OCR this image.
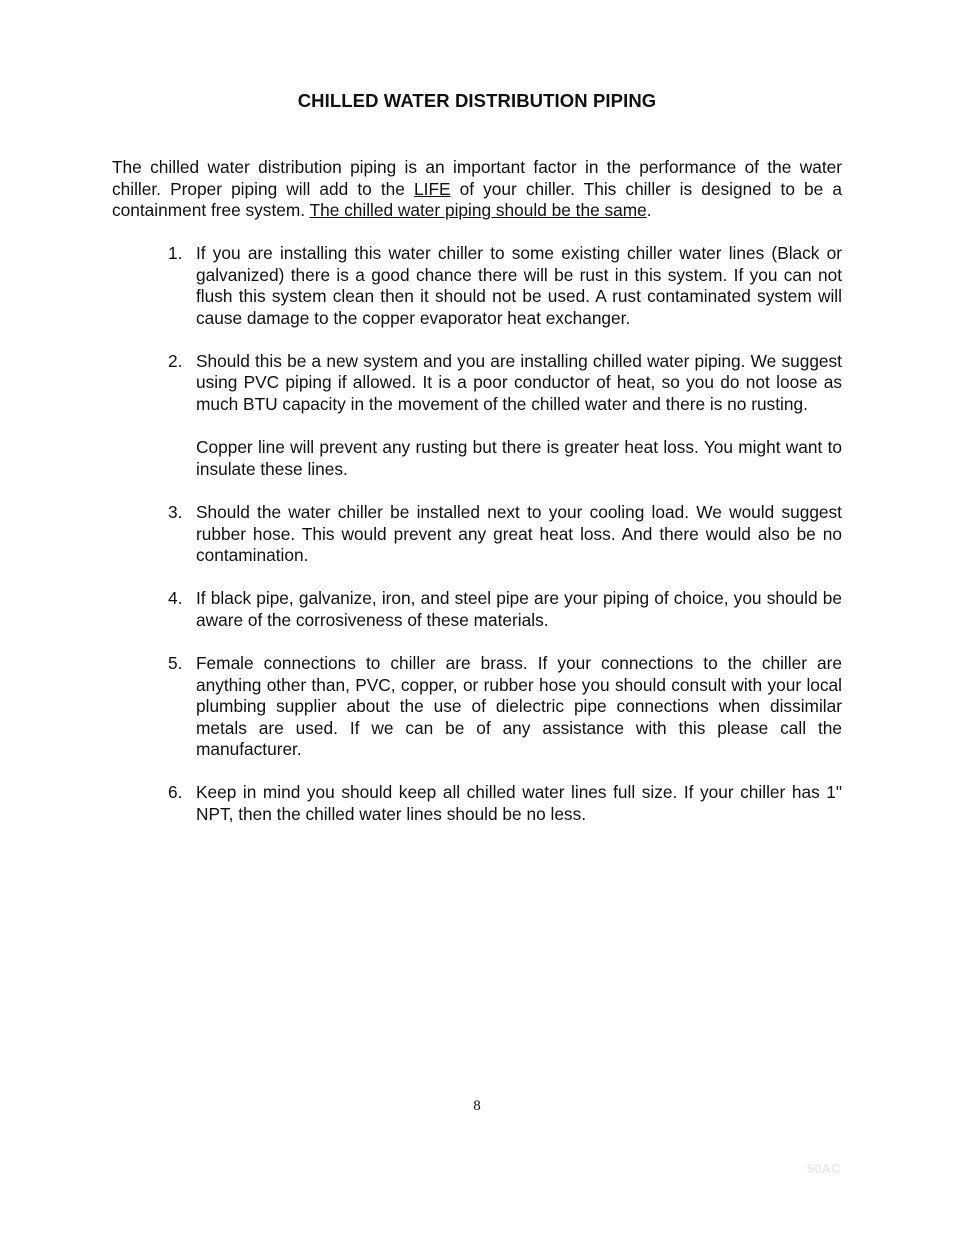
CHILLED WATER DISTRIBUTION PIPING

The chilled water distribution piping is an important factor in the performance of the water chiller. Proper piping will add to the LIFE of your chiller. This chiller is designed to be a containment free system. The chilled water piping should be the same.

1. If you are installing this water chiller to some existing chiller water lines (Black or galvanized) there is a good chance there will be rust in this system. If you can not flush this system clean then it should not be used. A rust contaminated system will cause damage to the copper evaporator heat exchanger.

2. Should this be a new system and you are installing chilled water piping. We suggest using PVC piping if allowed. It is a poor conductor of heat, so you do not loose as much BTU capacity in the movement of the chilled water and there is no rusting.

Copper line will prevent any rusting but there is greater heat loss. You might want to insulate these lines.

3. Should the water chiller be installed next to your cooling load. We would suggest rubber hose. This would prevent any great heat loss. And there would also be no contamination.

4. If black pipe, galvanize, iron, and steel pipe are your piping of choice, you should be aware of the corrosiveness of these materials.

5. Female connections to chiller are brass. If your connections to the chiller are anything other than, PVC, copper, or rubber hose you should consult with your local plumbing supplier about the use of dielectric pipe connections when dissimilar metals are used. If we can be of any assistance with this please call the manufacturer.

6. Keep in mind you should keep all chilled water lines full size. If your chiller has 1" NPT, then the chilled water lines should be no less.

8
50AC
